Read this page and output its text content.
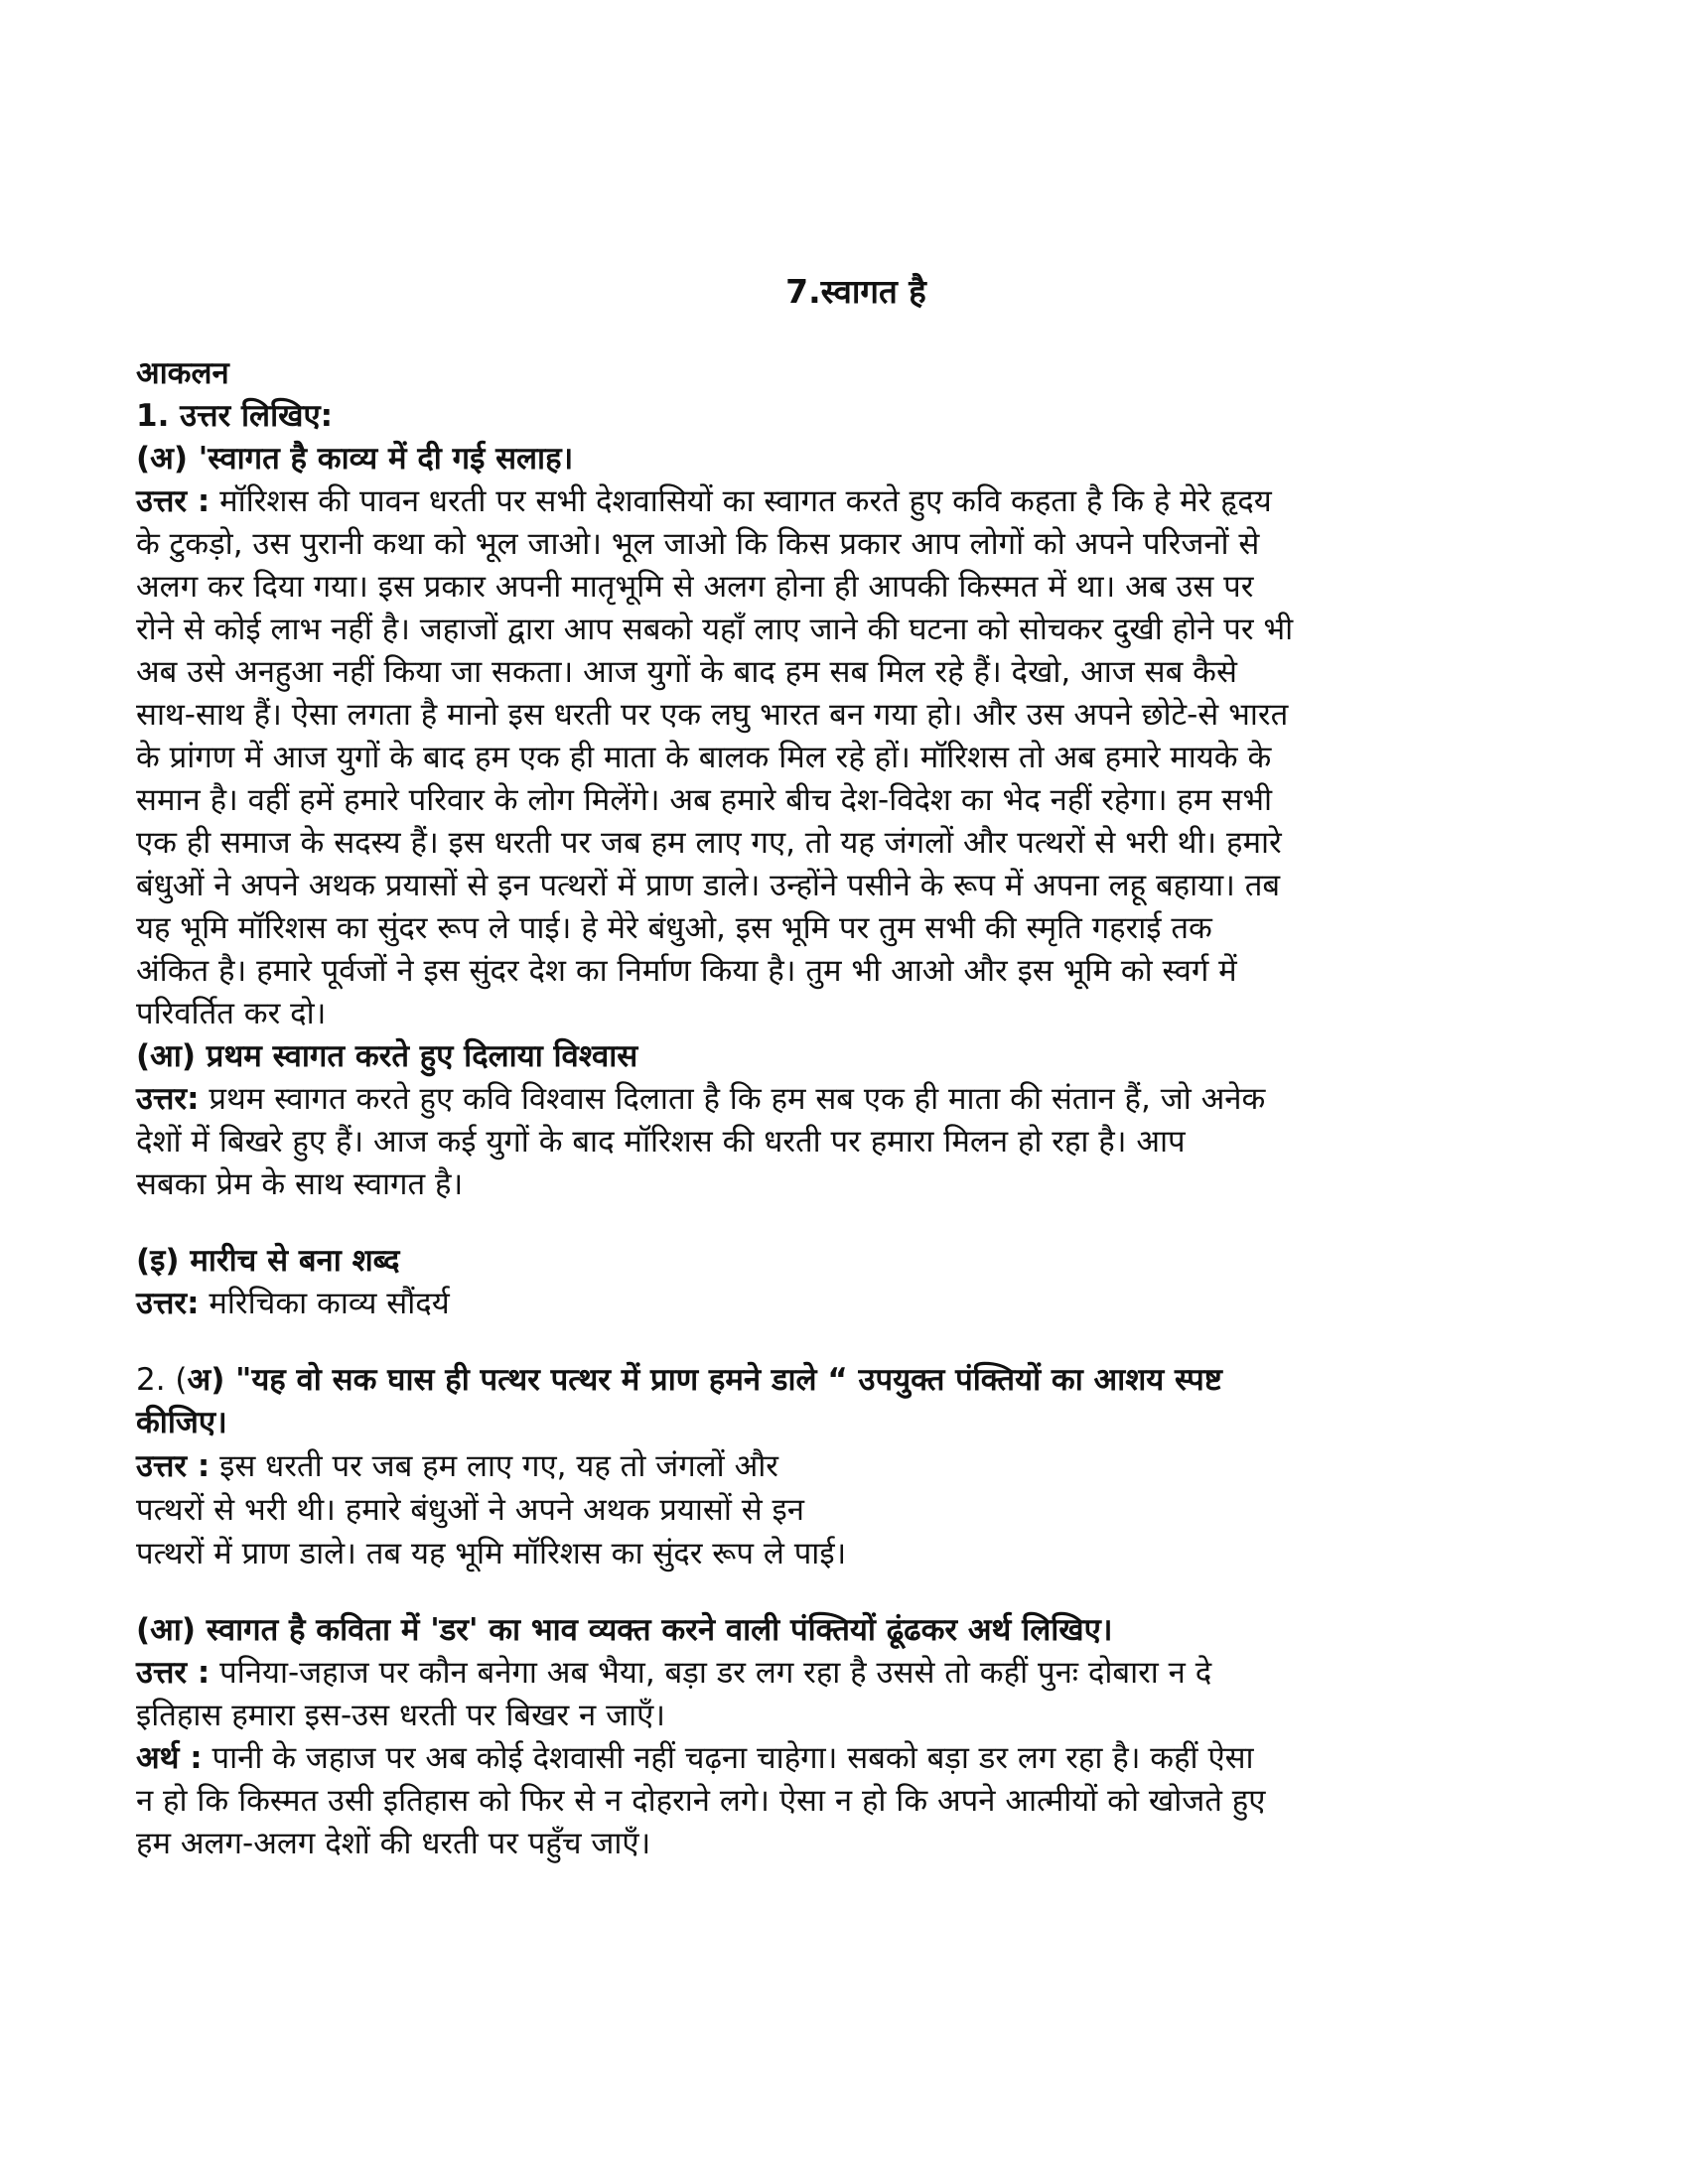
7.स्वागत है

आकलन

1. उत्तर लिखिए:

(अ) 'स्वागत है काव्य में दी गई सलाह।

उत्तर : मॉरिशस की पावन धरती पर सभी देशवासियों का स्वागत करते हुए कवि कहता है कि हे मेरे हृदय

के टुकड़ो, उस पुरानी कथा को भूल जाओ। भूल जाओ कि किस प्रकार आप लोगों को अपने परिजनों से

अलग कर दिया गया। इस प्रकार अपनी मातृभूमि से अलग होना ही आपकी किस्मत में था। अब उस पर

रोने से कोई लाभ नहीं है। जहाजों द्वारा आप सबको यहाँ लाए जाने की घटना को सोचकर दुखी होने पर भी

अब उसे अनहुआ नहीं किया जा सकता। आज युगों के बाद हम सब मिल रहे हैं। देखो, आज सब कैसे

साथ-साथ हैं। ऐसा लगता है मानो इस धरती पर एक लघु भारत बन गया हो। और उस अपने छोटे-से भारत

के प्रांगण में आज युगों के बाद हम एक ही माता के बालक मिल रहे हों। मॉरिशस तो अब हमारे मायके के

समान है। वहीं हमें हमारे परिवार के लोग मिलेंगे। अब हमारे बीच देश-विदेश का भेद नहीं रहेगा। हम सभी

एक ही समाज के सदस्य हैं। इस धरती पर जब हम लाए गए, तो यह जंगलों और पत्थरों से भरी थी। हमारे

बंधुओं ने अपने अथक प्रयासों से इन पत्थरों में प्राण डाले। उन्होंने पसीने के रूप में अपना लहू बहाया। तब

यह भूमि मॉरिशस का सुंदर रूप ले पाई। हे मेरे बंधुओ, इस भूमि पर तुम सभी की स्मृति गहराई तक

अंकित है। हमारे पूर्वजों ने इस सुंदर देश का निर्माण किया है। तुम भी आओ और इस भूमि को स्वर्ग में

परिवर्तित कर दो।

(आ) प्रथम स्वागत करते हुए दिलाया विश्वास

उत्तर: प्रथम स्वागत करते हुए कवि विश्वास दिलाता है कि हम सब एक ही माता की संतान हैं, जो अनेक

देशों में बिखरे हुए हैं। आज कई युगों के बाद मॉरिशस की धरती पर हमारा मिलन हो रहा है। आप

सबका प्रेम के साथ स्वागत है।

(इ) मारीच से बना शब्द

उत्तर: मरिचिका काव्य सौंदर्य

2. (अ) "यह वो सक घास ही पत्थर पत्थर में प्राण हमने डाले “ उपयुक्त पंक्तियों का आशय स्पष्ट

कीजिए।

उत्तर : इस धरती पर जब हम लाए गए, यह तो जंगलों और

पत्थरों से भरी थी। हमारे बंधुओं ने अपने अथक प्रयासों से इन

पत्थरों में प्राण डाले। तब यह भूमि मॉरिशस का सुंदर रूप ले पाई।

(आ) स्वागत है कविता में 'डर' का भाव व्यक्त करने वाली पंक्तियों ढूंढकर अर्थ लिखिए।

उत्तर : पनिया-जहाज पर कौन बनेगा अब भैया, बड़ा डर लग रहा है उससे तो कहीं पुनः दोबारा न दे

इतिहास हमारा इस-उस धरती पर बिखर न जाएँ।

अर्थ : पानी के जहाज पर अब कोई देशवासी नहीं चढ़ना चाहेगा। सबको बड़ा डर लग रहा है। कहीं ऐसा

न हो कि किस्मत उसी इतिहास को फिर से न दोहराने लगे। ऐसा न हो कि अपने आत्मीयों को खोजते हुए

हम अलग-अलग देशों की धरती पर पहुँच जाएँ।
